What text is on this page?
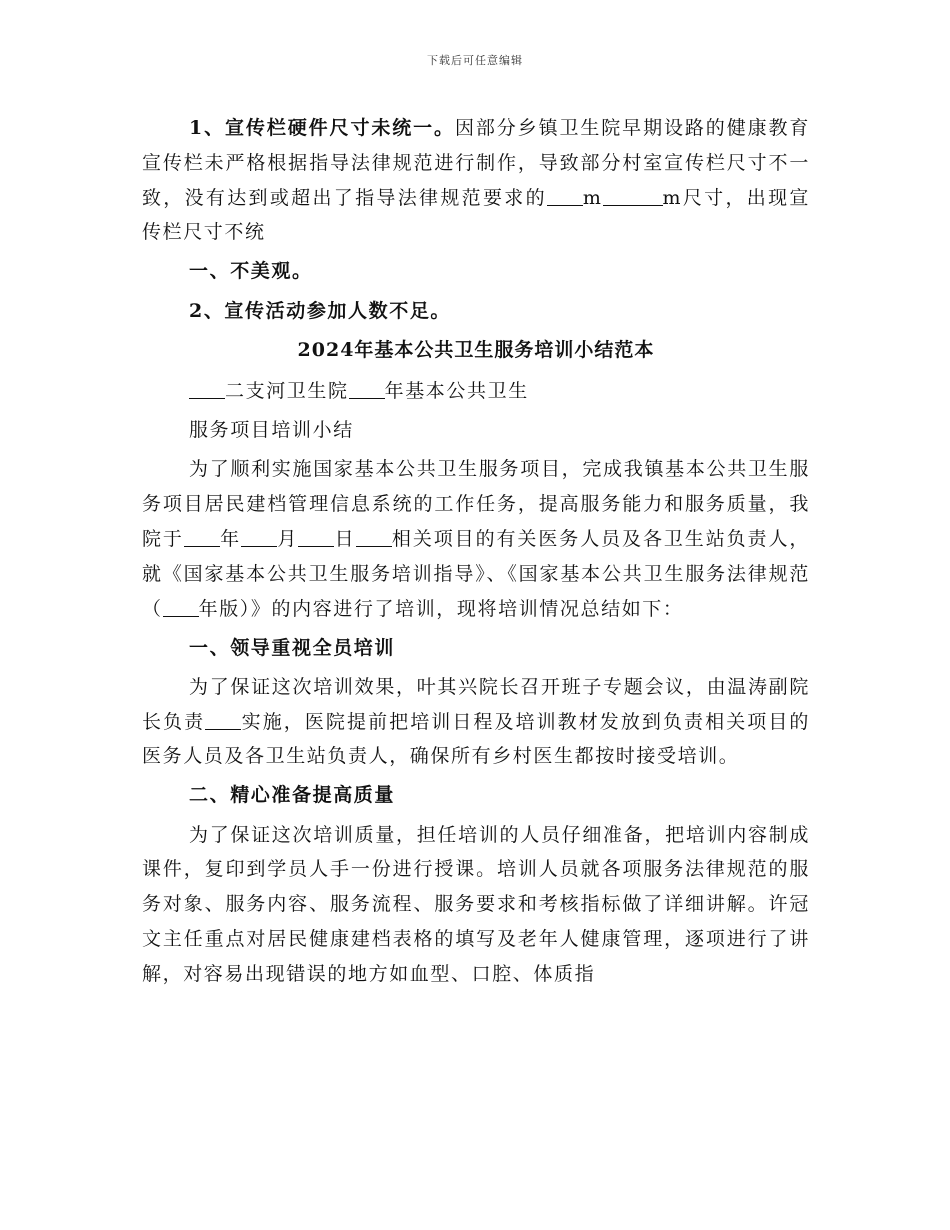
下载后可任意编辑

1、宣传栏硬件尺寸未统一。因部分乡镇卫生院早期设路的健康教育宣传栏未严格根据指导法律规范进行制作，导致部分村室宣传栏尺寸不一致，没有达到或超出了指导法律规范要求的 m	m尺寸，出现宣传栏尺寸不统

一、不美观。

2、宣传活动参加人数不足。

2024年基本公共卫生服务培训小结范本

二支河卫生院 年基本公共卫生

服务项目培训小结

为了顺利实施国家基本公共卫生服务项目，完成我镇基本公共卫生服务项目居民建档管理信息系统的工作任务，提高服务能力和服务质量，我院于 年 月 日 相关项目的有关医务人员及各卫生站负责人，就《国家基本公共卫生服务培训指导》、《国家基本公共卫生服务法律规范（ 年版）》的内容进行了培训，现将培训情况总结如下：

一、领导重视全员培训

为了保证这次培训效果，叶其兴院长召开班子专题会议，由温涛副院长负责 实施，医院提前把培训日程及培训教材发放到负责相关项目的医务人员及各卫生站负责人，确保所有乡村医生都按时接受培训。

二、精心准备提高质量

为了保证这次培训质量，担任培训的人员仔细准备，把培训内容制成课件，复印到学员人手一份进行授课。培训人员就各项服务法律规范的服务对象、服务内容、服务流程、服务要求和考核指标做了详细讲解。许冠文主任重点对居民健康建档表格的填写及老年人健康管理，逐项进行了讲解，对容易出现错误的地方如血型、口腔、体质指
